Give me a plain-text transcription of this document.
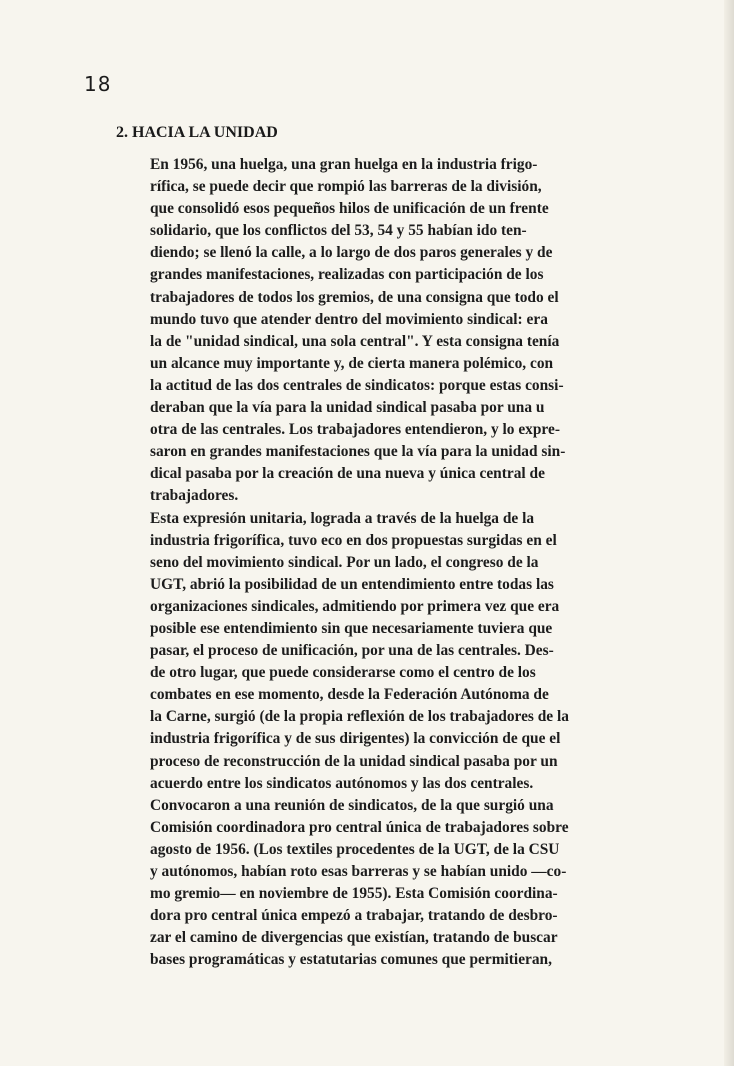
18
2. HACIA LA UNIDAD

En 1956, una huelga, una gran huelga en la industria frigo-
rífica, se puede decir que rompió las barreras de la división,
que consolidó esos pequeños hilos de unificación de un frente
solidario, que los conflictos del 53, 54 y 55 habían ido ten-
diendo; se llenó la calle, a lo largo de dos paros generales y de
grandes manifestaciones, realizadas con participación de los
trabajadores de todos los gremios, de una consigna que todo el
mundo tuvo que atender dentro del movimiento sindical: era
la de "unidad sindical, una sola central". Y esta consigna tenía
un alcance muy importante y, de cierta manera polémico, con
la actitud de las dos centrales de sindicatos: porque estas consi-
deraban que la vía para la unidad sindical pasaba por una u
otra de las centrales. Los trabajadores entendieron, y lo expre-
saron en grandes manifestaciones que la vía para la unidad sin-
dical pasaba por la creación de una nueva y única central de
trabajadores.

Esta expresión unitaria, lograda a través de la huelga de la
industria frigorífica, tuvo eco en dos propuestas surgidas en el
seno del movimiento sindical. Por un lado, el congreso de la
UGT, abrió la posibilidad de un entendimiento entre todas las
organizaciones sindicales, admitiendo por primera vez que era
posible ese entendimiento sin que necesariamente tuviera que
pasar, el proceso de unificación, por una de las centrales. Des-
de otro lugar, que puede considerarse como el centro de los
combates en ese momento, desde la Federación Autónoma de
la Carne, surgió (de la propia reflexión de los trabajadores de la
industria frigorífica y de sus dirigentes) la convicción de que el
proceso de reconstrucción de la unidad sindical pasaba por un
acuerdo entre los sindicatos autónomos y las dos centrales.
Convocaron a una reunión de sindicatos, de la que surgió una
Comisión coordinadora pro central única de trabajadores sobre
agosto de 1956. (Los textiles procedentes de la UGT, de la CSU
y autónomos, habían roto esas barreras y se habían unido —co-
mo gremio— en noviembre de 1955). Esta Comisión coordina-
dora pro central única empezó a trabajar, tratando de desbro-
zar el camino de divergencias que existían, tratando de buscar
bases programáticas y estatutarias comunes que permitieran,
